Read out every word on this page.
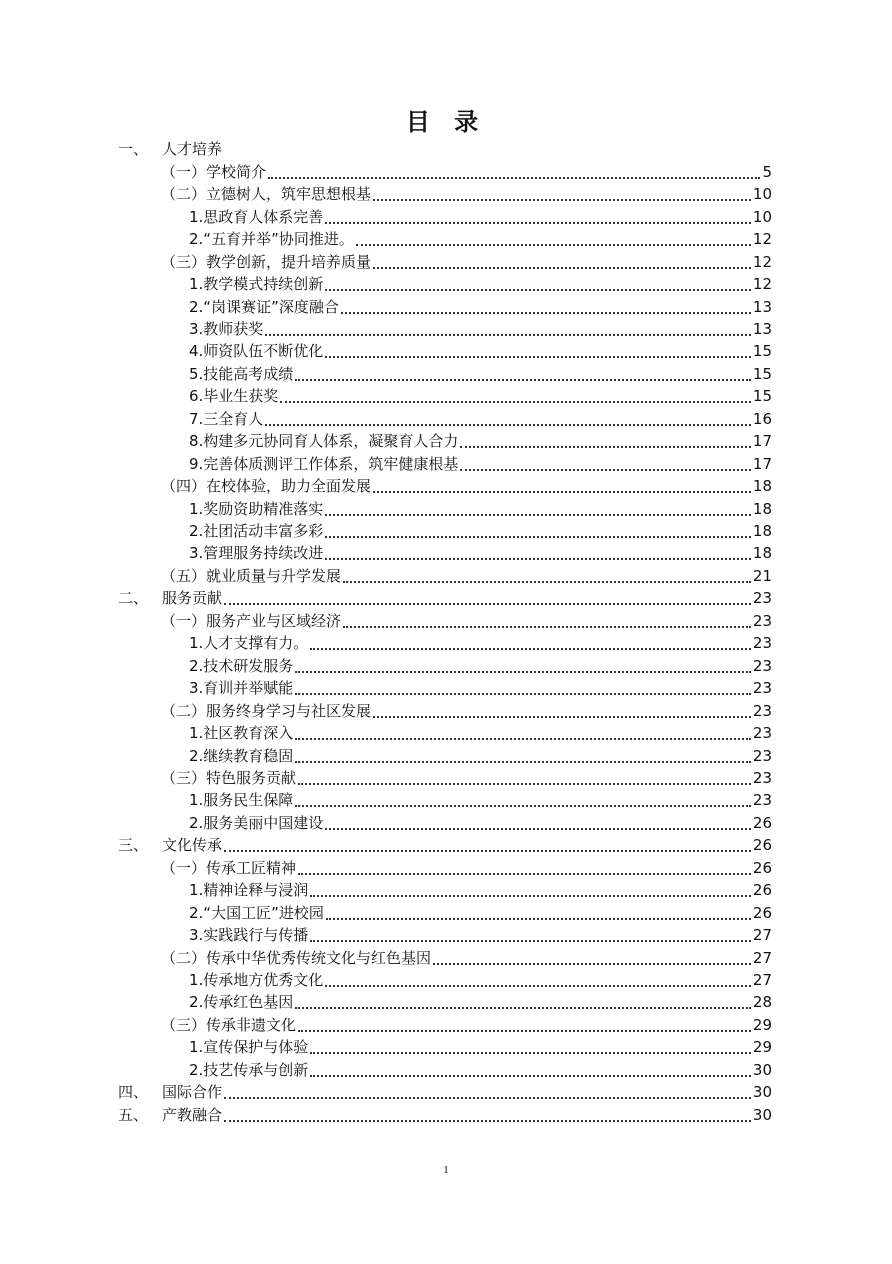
目 录
一、 人才培养
（一）学校简介	5
（二）立德树人，筑牢思想根基	10
1.思政育人体系完善	10
2.“五育并举”协同推进。	12
（三）教学创新，提升培养质量	12
1.教学模式持续创新	12
2.“岗课赛证”深度融合	13
3.教师获奖	13
4.师资队伍不断优化	15
5.技能高考成绩	15
6.毕业生获奖	15
7.三全育人	16
8.构建多元协同育人体系，凝聚育人合力	17
9.完善体质测评工作体系，筑牢健康根基	17
（四）在校体验，助力全面发展	18
1.奖励资助精准落实	18
2.社团活动丰富多彩	18
3.管理服务持续改进	18
（五）就业质量与升学发展	21
二、 服务贡献	23
（一）服务产业与区域经济	23
1.人才支撑有力。	23
2.技术研发服务	23
3.育训并举赋能	23
（二）服务终身学习与社区发展	23
1.社区教育深入	23
2.继续教育稳固	23
（三）特色服务贡献	23
1.服务民生保障	23
2.服务美丽中国建设	26
三、 文化传承	26
（一）传承工匠精神	26
1.精神诠释与浸润	26
2.“大国工匠”进校园	26
3.实践践行与传播	27
（二）传承中华优秀传统文化与红色基因	27
1.传承地方优秀文化	27
2.传承红色基因	28
（三）传承非遗文化	29
1.宣传保护与体验	29
2.技艺传承与创新	30
四、 国际合作	30
五、 产教融合	30
1
